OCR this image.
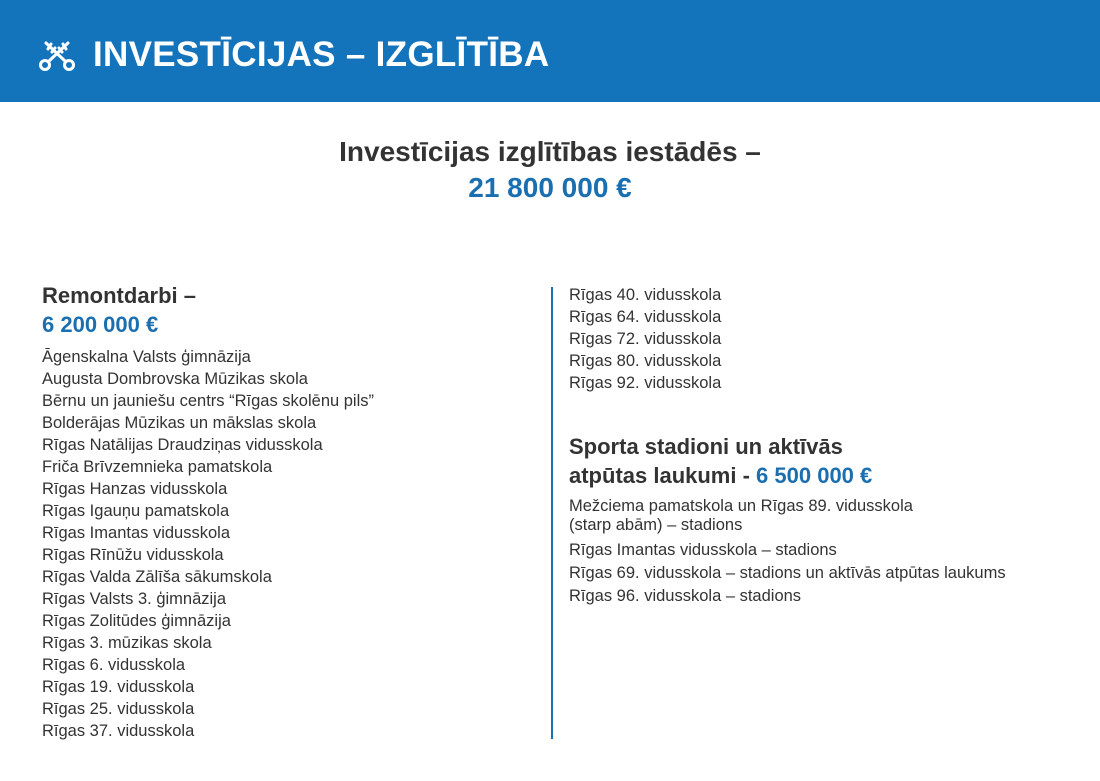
INVESTĪCIJAS – IZGLĪTĪBA
Investīcijas izglītības iestādēs –
21 800 000 €
Remontdarbi –
6 200 000 €
Āgenskalna Valsts ģimnāzija
Augusta Dombrovska Mūzikas skola
Bērnu un jauniešu centrs “Rīgas skolēnu pils”
Bolderājas Mūzikas un mākslas skola
Rīgas Natālijas Draudziņas vidusskola
Friča Brīvzemnieka pamatskola
Rīgas Hanzas vidusskola
Rīgas Igauņu pamatskola
Rīgas Imantas vidusskola
Rīgas Rīnūžu vidusskola
Rīgas Valda Zālīša sākumskola
Rīgas Valsts 3. ģimnāzija
Rīgas Zolitūdes ģimnāzija
Rīgas 3. mūzikas skola
Rīgas 6. vidusskola
Rīgas 19. vidusskola
Rīgas 25. vidusskola
Rīgas 37. vidusskola
Rīgas 40. vidusskola
Rīgas 64. vidusskola
Rīgas 72. vidusskola
Rīgas 80. vidusskola
Rīgas 92. vidusskola
Sporta stadioni un aktīvās
atpūtas laukumi - 6 500 000 €
Mežciema pamatskola un Rīgas 89. vidusskola
(starp abām) – stadions
Rīgas Imantas vidusskola – stadions
Rīgas 69. vidusskola – stadions un aktīvās atpūtas laukums
Rīgas 96. vidusskola – stadions
